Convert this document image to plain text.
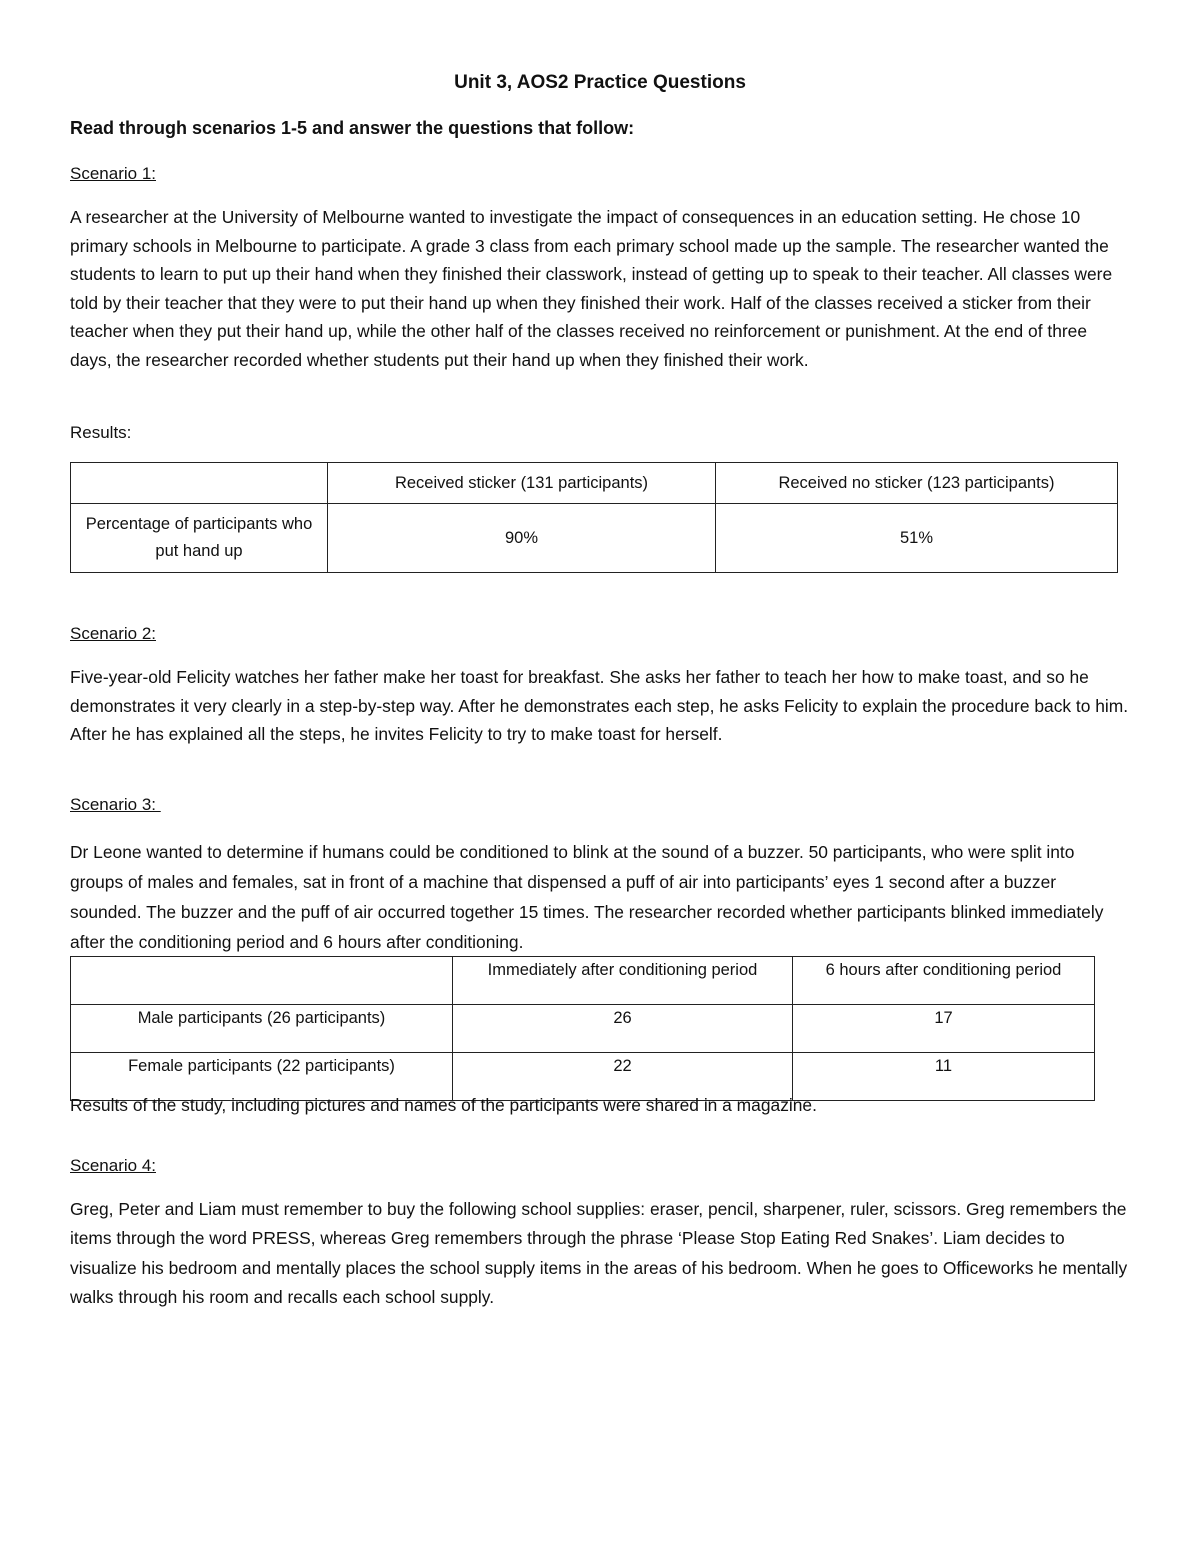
Unit 3, AOS2 Practice Questions
Read through scenarios 1-5 and answer the questions that follow:
Scenario 1:
A researcher at the University of Melbourne wanted to investigate the impact of consequences in an education setting. He chose 10 primary schools in Melbourne to participate. A grade 3 class from each primary school made up the sample. The researcher wanted the students to learn to put up their hand when they finished their classwork, instead of getting up to speak to their teacher. All classes were told by their teacher that they were to put their hand up when they finished their work. Half of the classes received a sticker from their teacher when they put their hand up, while the other half of the classes received no reinforcement or punishment. At the end of three days, the researcher recorded whether students put their hand up when they finished their work.
Results:
	Received sticker (131 participants)	Received no sticker (123 participants)
Percentage of participants who put hand up	90%	51%
Scenario 2:
Five-year-old Felicity watches her father make her toast for breakfast. She asks her father to teach her how to make toast, and so he demonstrates it very clearly in a step-by-step way. After he demonstrates each step, he asks Felicity to explain the procedure back to him. After he has explained all the steps, he invites Felicity to try to make toast for herself.
Scenario 3:
Dr Leone wanted to determine if humans could be conditioned to blink at the sound of a buzzer. 50 participants, who were split into groups of males and females, sat in front of a machine that dispensed a puff of air into participants’ eyes 1 second after a buzzer sounded. The buzzer and the puff of air occurred together 15 times. The researcher recorded whether participants blinked immediately after the conditioning period and 6 hours after conditioning.
	Immediately after conditioning period	6 hours after conditioning period
Male participants (26 participants)	26	17
Female participants (22 participants)	22	11
Results of the study, including pictures and names of the participants were shared in a magazine.
Scenario 4:
Greg, Peter and Liam must remember to buy the following school supplies: eraser, pencil, sharpener, ruler, scissors. Greg remembers the items through the word PRESS, whereas Greg remembers through the phrase ‘Please Stop Eating Red Snakes’. Liam decides to visualize his bedroom and mentally places the school supply items in the areas of his bedroom. When he goes to Officeworks he mentally walks through his room and recalls each school supply.
